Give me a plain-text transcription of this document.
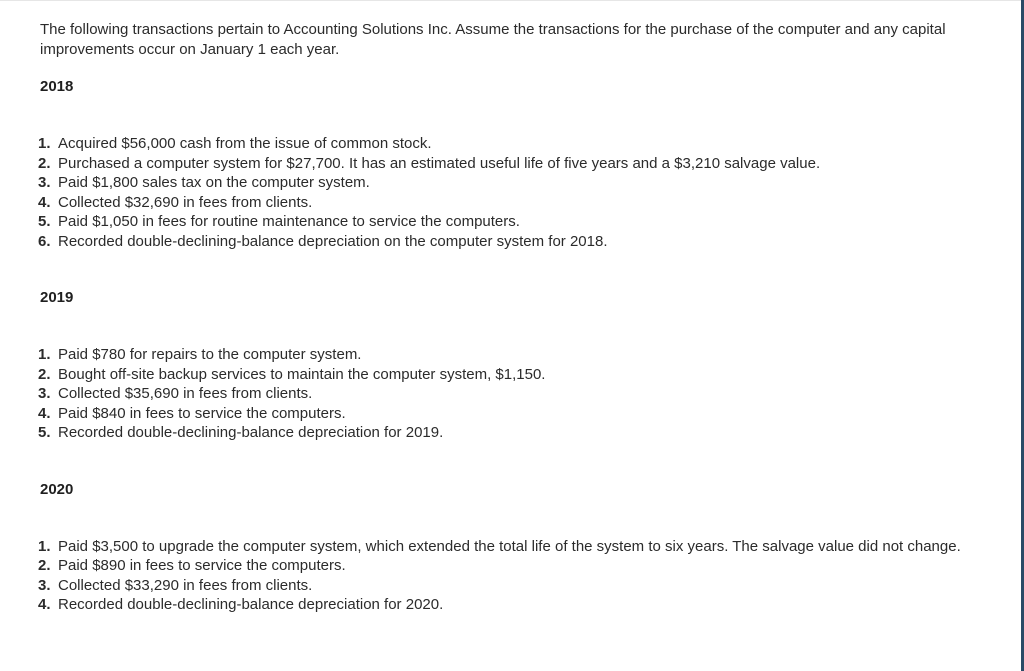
The following transactions pertain to Accounting Solutions Inc. Assume the transactions for the purchase of the computer and any capital improvements occur on January 1 each year.

2018
1. Acquired $56,000 cash from the issue of common stock.
2. Purchased a computer system for $27,700. It has an estimated useful life of five years and a $3,210 salvage value.
3. Paid $1,800 sales tax on the computer system.
4. Collected $32,690 in fees from clients.
5. Paid $1,050 in fees for routine maintenance to service the computers.
6. Recorded double-declining-balance depreciation on the computer system for 2018.
2019
1. Paid $780 for repairs to the computer system.
2. Bought off-site backup services to maintain the computer system, $1,150.
3. Collected $35,690 in fees from clients.
4. Paid $840 in fees to service the computers.
5. Recorded double-declining-balance depreciation for 2019.
2020
1. Paid $3,500 to upgrade the computer system, which extended the total life of the system to six years. The salvage value did not change.
2. Paid $890 in fees to service the computers.
3. Collected $33,290 in fees from clients.
4. Recorded double-declining-balance depreciation for 2020.
